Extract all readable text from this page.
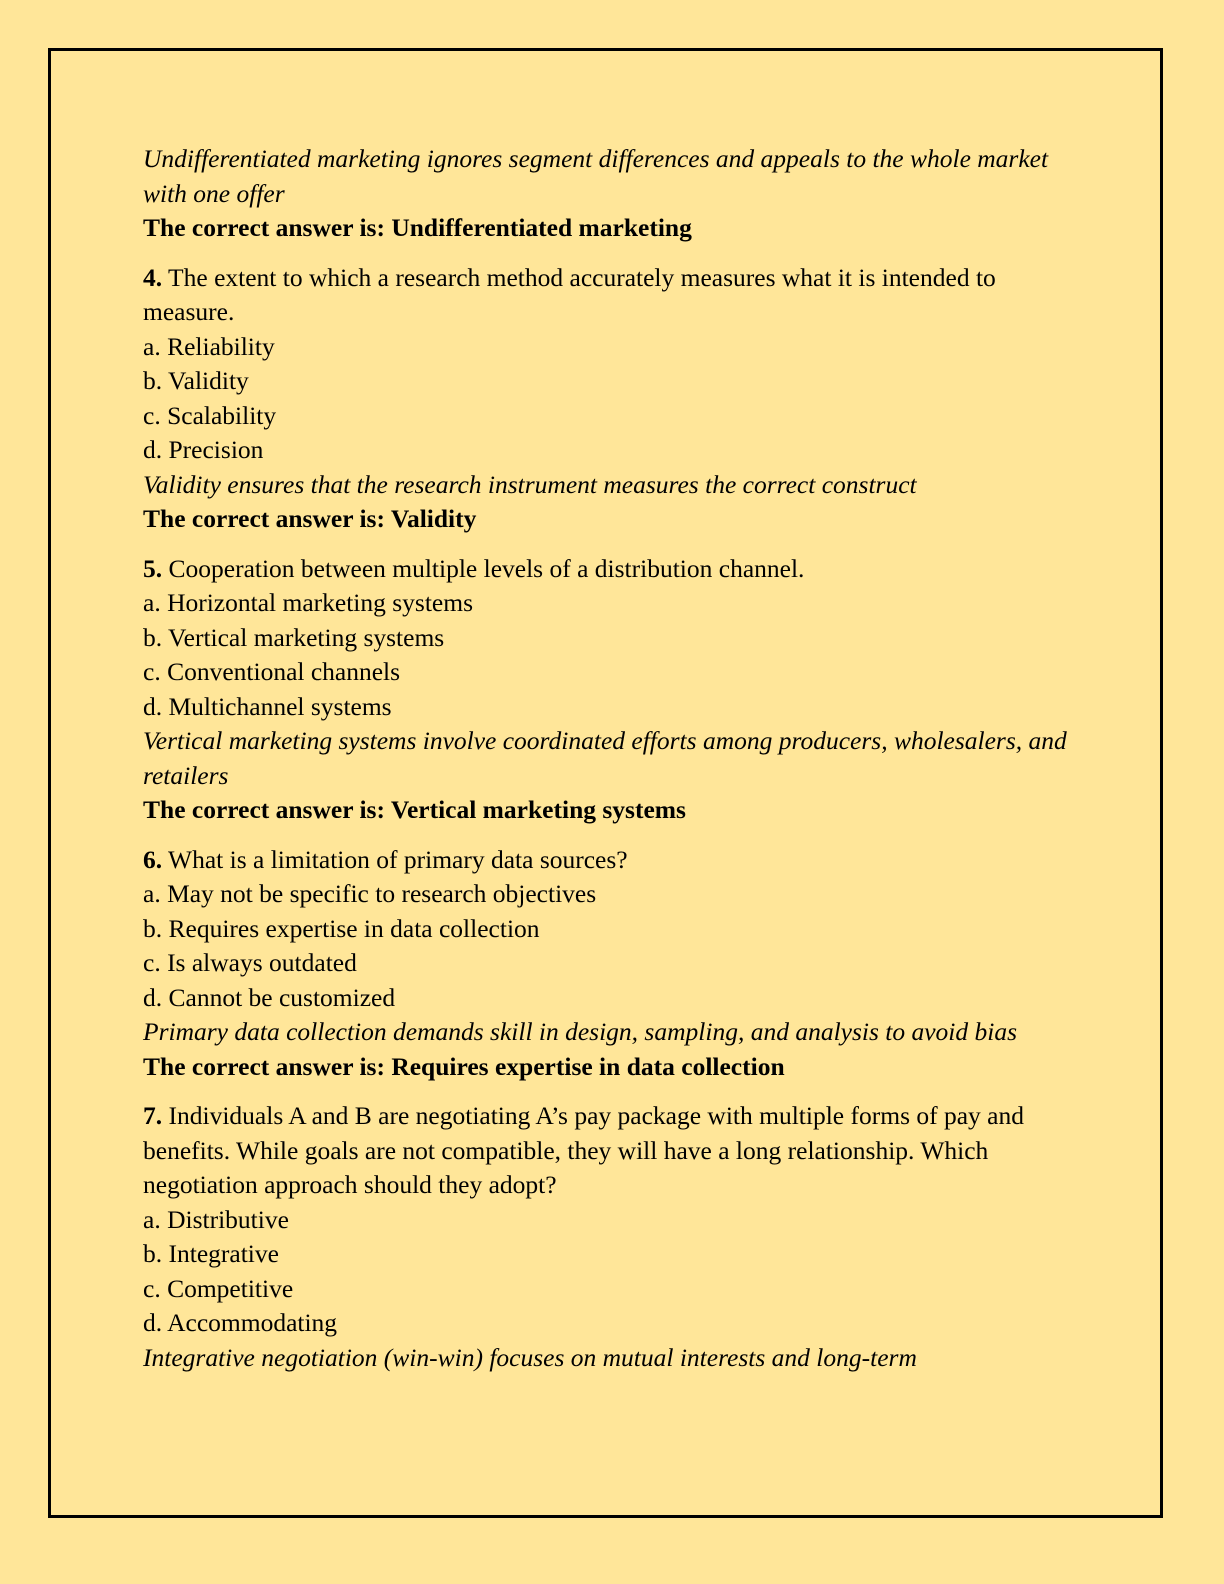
Undifferentiated marketing ignores segment differences and appeals to the whole market with one offer
The correct answer is: Undifferentiated marketing
4. The extent to which a research method accurately measures what it is intended to measure.
a. Reliability
b. Validity
c. Scalability
d. Precision
Validity ensures that the research instrument measures the correct construct
The correct answer is: Validity
5. Cooperation between multiple levels of a distribution channel.
a. Horizontal marketing systems
b. Vertical marketing systems
c. Conventional channels
d. Multichannel systems
Vertical marketing systems involve coordinated efforts among producers, wholesalers, and retailers
The correct answer is: Vertical marketing systems
6. What is a limitation of primary data sources?
a. May not be specific to research objectives
b. Requires expertise in data collection
c. Is always outdated
d. Cannot be customized
Primary data collection demands skill in design, sampling, and analysis to avoid bias
The correct answer is: Requires expertise in data collection
7. Individuals A and B are negotiating A’s pay package with multiple forms of pay and benefits. While goals are not compatible, they will have a long relationship. Which negotiation approach should they adopt?
a. Distributive
b. Integrative
c. Competitive
d. Accommodating
Integrative negotiation (win-win) focuses on mutual interests and long-term
